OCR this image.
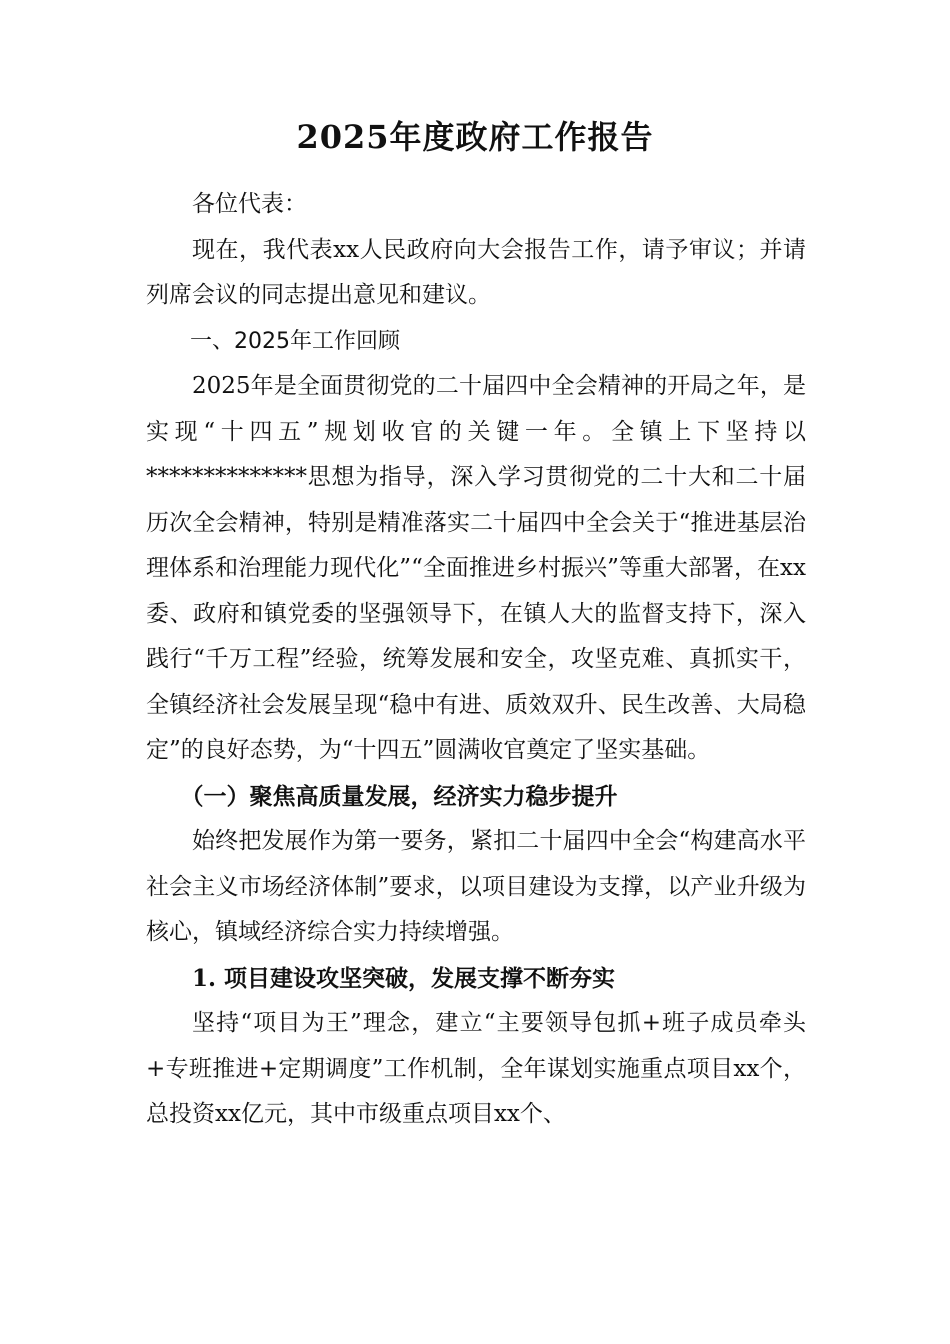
2025年度政府工作报告

各位代表：

现在，我代表xx人民政府向大会报告工作，请予审议；并请列席会议的同志提出意见和建议。

一、2025年工作回顾

2025年是全面贯彻党的二十届四中全会精神的开局之年，是实现“十四五”规划收官的关键一年。全镇上下坚持以**************思想为指导，深入学习贯彻党的二十大和二十届历次全会精神，特别是精准落实二十届四中全会关于“推进基层治理体系和治理能力现代化”“全面推进乡村振兴”等重大部署，在xx委、政府和镇党委的坚强领导下，在镇人大的监督支持下，深入践行“千万工程”经验，统筹发展和安全，攻坚克难、真抓实干，全镇经济社会发展呈现“稳中有进、质效双升、民生改善、大局稳定”的良好态势，为“十四五”圆满收官奠定了坚实基础。

（一）聚焦高质量发展，经济实力稳步提升

始终把发展作为第一要务，紧扣二十届四中全会“构建高水平社会主义市场经济体制”要求，以项目建设为支撑，以产业升级为核心，镇域经济综合实力持续增强。

1. 项目建设攻坚突破，发展支撑不断夯实

坚持“项目为王”理念，建立“主要领导包抓+班子成员牵头+专班推进+定期调度”工作机制，全年谋划实施重点项目xx个，总投资xx亿元，其中市级重点项目xx个、
